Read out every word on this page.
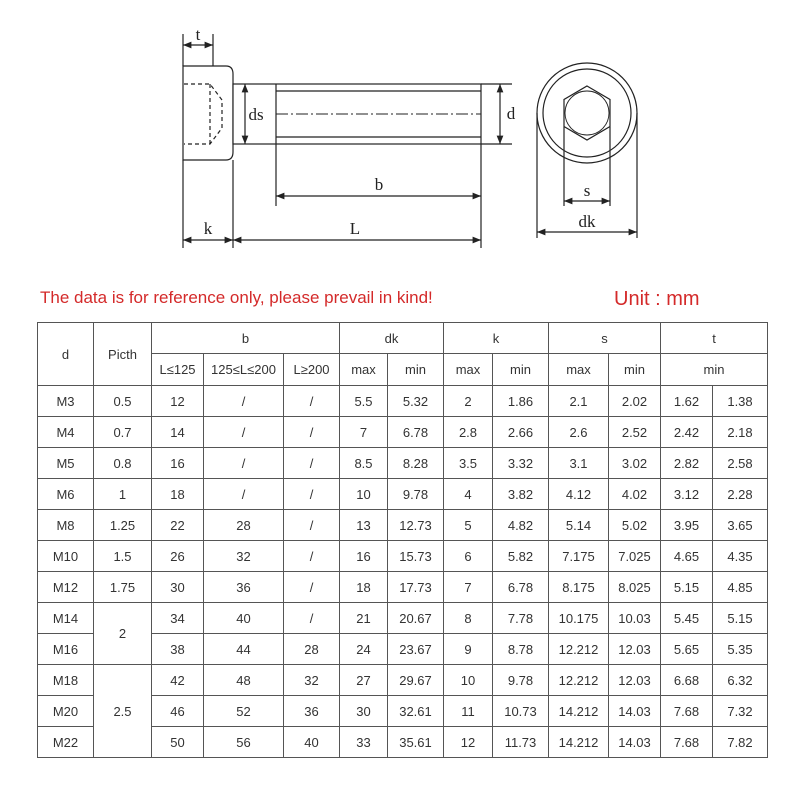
t
ds	d
b
k	L
s
dk
The data is for reference only, please prevail in kind!	Unit : mm
d	Picth	b			dk		k		s		t	
		L≤125	125≤L≤200	L≥200	max	min	max	min	max	min	min	
M3	0.5	12	/	/	5.5	5.32	2	1.86	2.1	2.02	1.62	1.38
M4	0.7	14	/	/	7	6.78	2.8	2.66	2.6	2.52	2.42	2.18
M5	0.8	16	/	/	8.5	8.28	3.5	3.32	3.1	3.02	2.82	2.58
M6	1	18	/	/	10	9.78	4	3.82	4.12	4.02	3.12	2.28
M8	1.25	22	28	/	13	12.73	5	4.82	5.14	5.02	3.95	3.65
M10	1.5	26	32	/	16	15.73	6	5.82	7.175	7.025	4.65	4.35
M12	1.75	30	36	/	18	17.73	7	6.78	8.175	8.025	5.15	4.85
M14	2	34	40	/	21	20.67	8	7.78	10.175	10.03	5.45	5.15
M16		38	44	28	24	23.67	9	8.78	12.212	12.03	5.65	5.35
M18	2.5	42	48	32	27	29.67	10	9.78	12.212	12.03	6.68	6.32
M20		46	52	36	30	32.61	11	10.73	14.212	14.03	7.68	7.32
M22		50	56	40	33	35.61	12	11.73	14.212	14.03	7.68	7.82
